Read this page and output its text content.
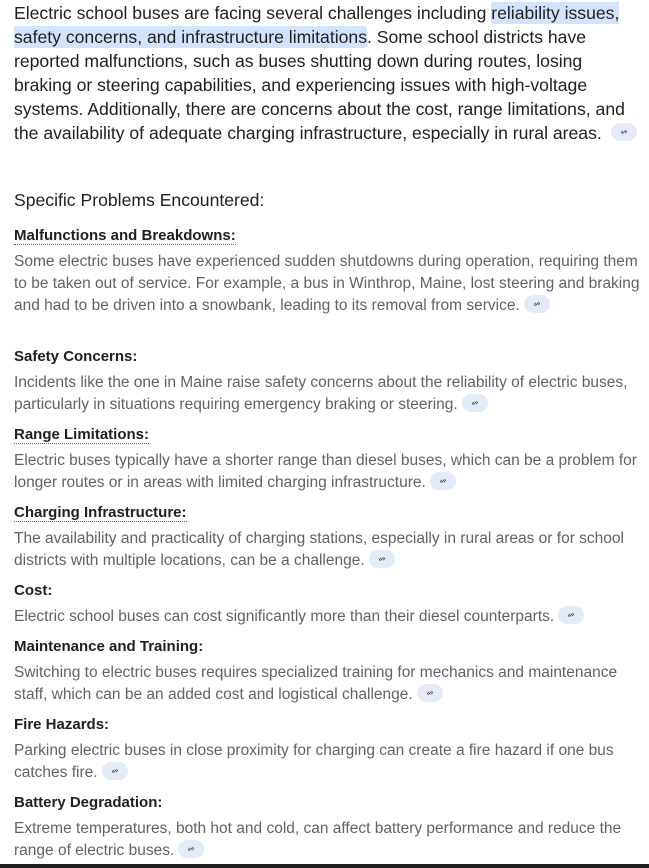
Electric school buses are facing several challenges including reliability issues, safety concerns, and infrastructure limitations. Some school districts have reported malfunctions, such as buses shutting down during routes, losing braking or steering capabilities, and experiencing issues with high-voltage systems. Additionally, there are concerns about the cost, range limitations, and the availability of adequate charging infrastructure, especially in rural areas.

Specific Problems Encountered:

Malfunctions and Breakdowns:

Some electric buses have experienced sudden shutdowns during operation, requiring them to be taken out of service. For example, a bus in Winthrop, Maine, lost steering and braking and had to be driven into a snowbank, leading to its removal from service.

Safety Concerns:

Incidents like the one in Maine raise safety concerns about the reliability of electric buses, particularly in situations requiring emergency braking or steering.

Range Limitations:

Electric buses typically have a shorter range than diesel buses, which can be a problem for longer routes or in areas with limited charging infrastructure.

Charging Infrastructure:

The availability and practicality of charging stations, especially in rural areas or for school districts with multiple locations, can be a challenge.

Cost:

Electric school buses can cost significantly more than their diesel counterparts.

Maintenance and Training:

Switching to electric buses requires specialized training for mechanics and maintenance staff, which can be an added cost and logistical challenge.

Fire Hazards:

Parking electric buses in close proximity for charging can create a fire hazard if one bus catches fire.

Battery Degradation:

Extreme temperatures, both hot and cold, can affect battery performance and reduce the range of electric buses.
